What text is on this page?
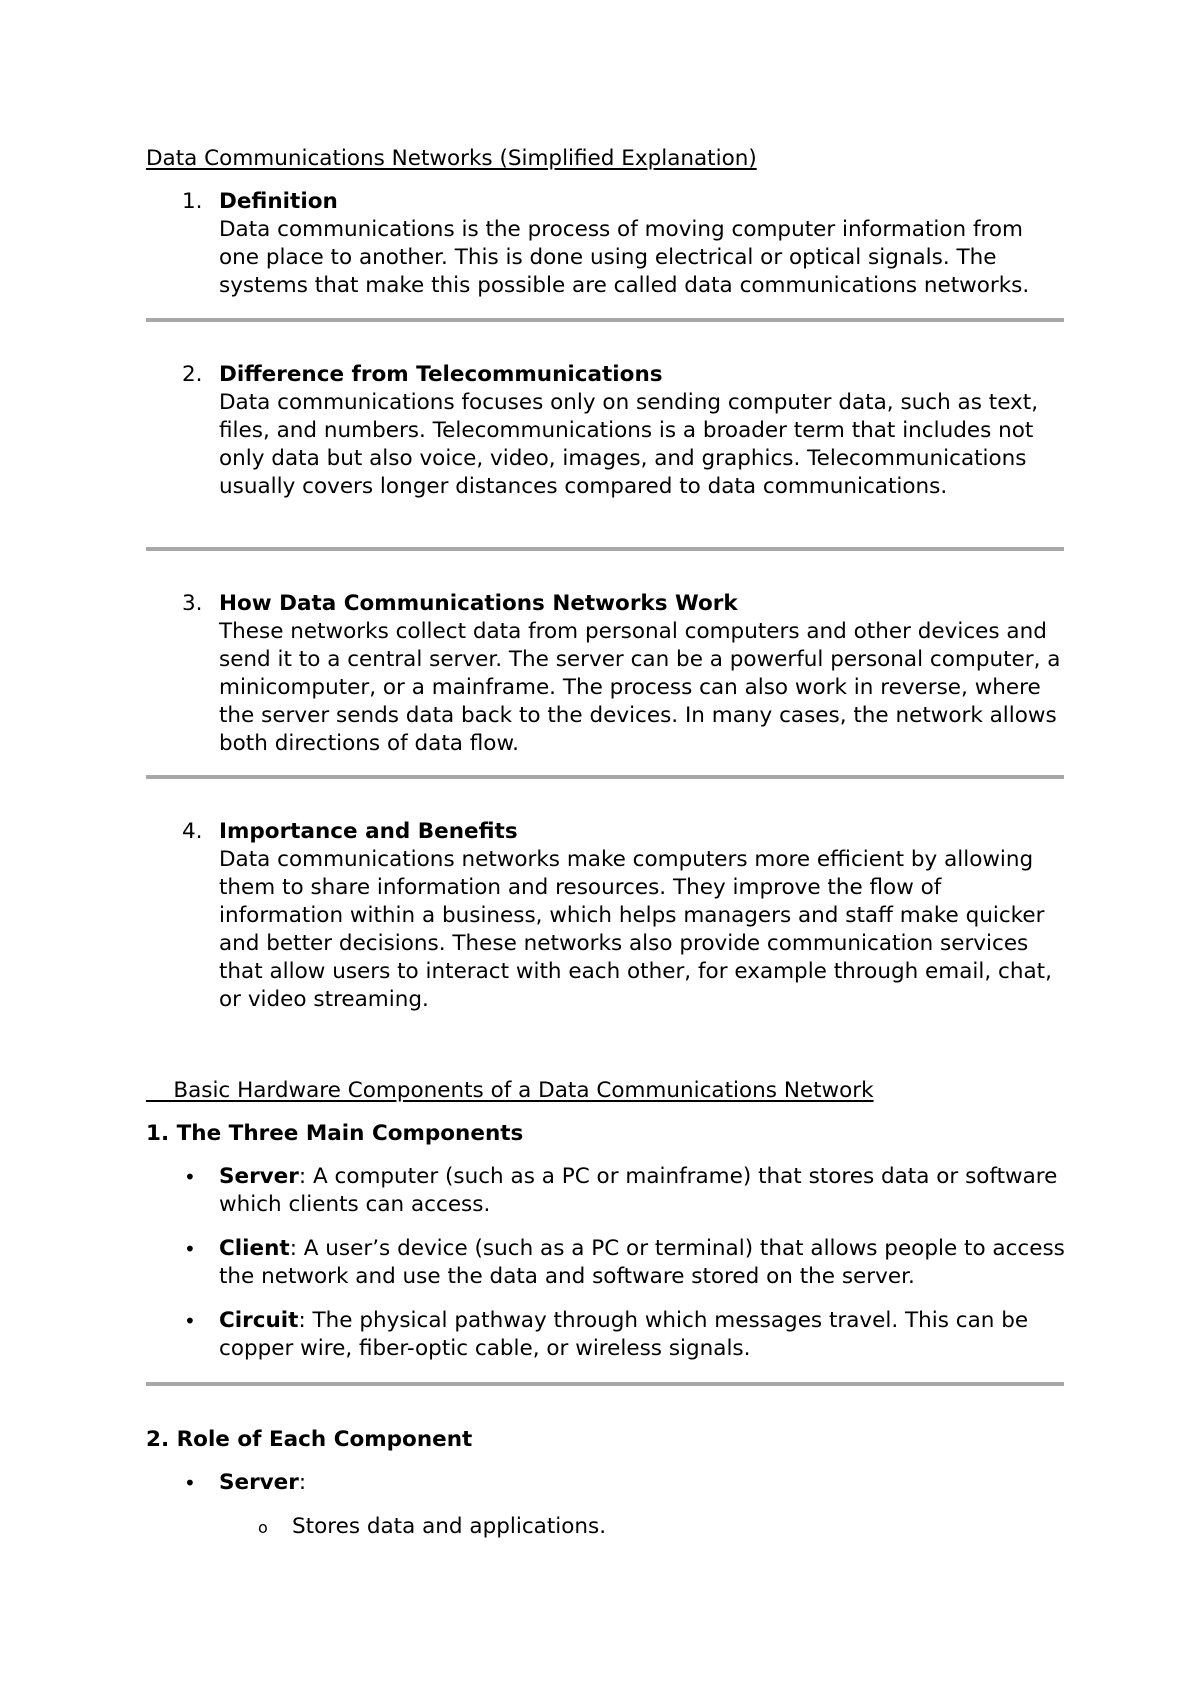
Data Communications Networks (Simplified Explanation)
1. Definition

Data communications is the process of moving computer information from one place to another. This is done using electrical or optical signals. The systems that make this possible are called data communications networks.

2. Difference from Telecommunications

Data communications focuses only on sending computer data, such as text, files, and numbers. Telecommunications is a broader term that includes not only data but also voice, video, images, and graphics. Telecommunications usually covers longer distances compared to data communications.

3. How Data Communications Networks Work

These networks collect data from personal computers and other devices and send it to a central server. The server can be a powerful personal computer, a minicomputer, or a mainframe. The process can also work in reverse, where the server sends data back to the devices. In many cases, the network allows both directions of data flow.

4. Importance and Benefits

Data communications networks make computers more efficient by allowing them to share information and resources. They improve the flow of information within a business, which helps managers and staff make quicker and better decisions. These networks also provide communication services that allow users to interact with each other, for example through email, chat, or video streaming.

Basic Hardware Components of a Data Communications Network

1. The Three Main Components

• Server: A computer (such as a PC or mainframe) that stores data or software which clients can access.

• Client: A user’s device (such as a PC or terminal) that allows people to access the network and use the data and software stored on the server.

• Circuit: The physical pathway through which messages travel. This can be copper wire, fiber-optic cable, or wireless signals.

2. Role of Each Component

• Server:

o Stores data and applications.
